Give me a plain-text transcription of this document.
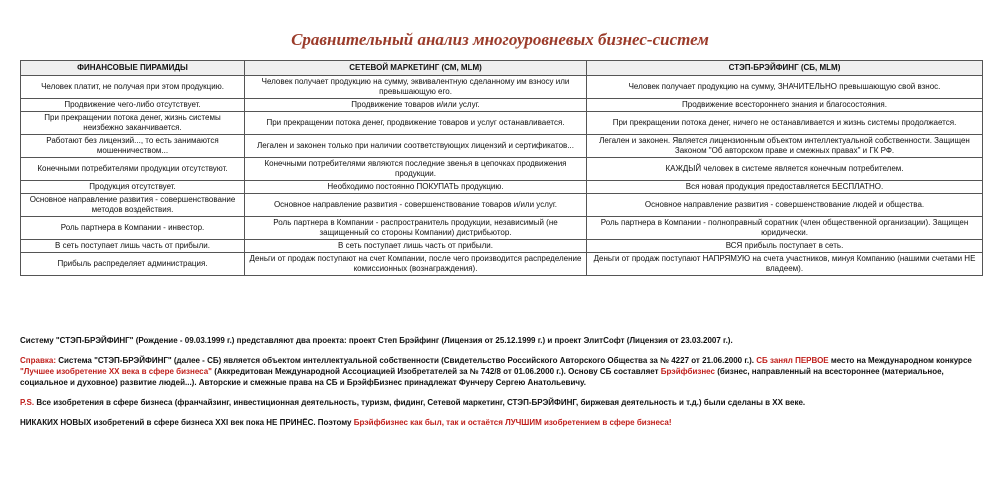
Сравнительный анализ многоуровневых бизнес-систем
ФИНАНСОВЫЕ ПИРАМИДЫ	СЕТЕВОЙ МАРКЕТИНГ (СМ, MLM)	СТЭП-БРЭЙФИНГ (СБ, MLM)
Человек платит, не получая при этом продукцию.	Человек получает продукцию на сумму, эквивалентную сделанному им взносу или превышающую его.	Человек получает продукцию на сумму, ЗНАЧИТЕЛЬНО превышающую свой взнос.
Продвижение чего-либо отсутствует.	Продвижение товаров и/или услуг.	Продвижение всестороннего знания и благосостояния.
При прекращении потока денег, жизнь системы неизбежно заканчивается.	При прекращении потока денег, продвижение товаров и услуг останавливается.	При прекращении потока денег, ничего не останавливается и жизнь системы продолжается.
Работают без лицензий..., то есть занимаются мошенничеством...	Легален и законен только при наличии соответствующих лицензий и сертификатов...	Легален и законен. Является лицензионным объектом интеллектуальной собственности. Защищен Законом "Об авторском праве и смежных правах" и ГК РФ.
Конечными потребителями продукции отсутствуют.	Конечными потребителями являются последние звенья в цепочках продвижения продукции.	КАЖДЫЙ человек в системе является конечным потребителем.
Продукция отсутствует.	Необходимо постоянно ПОКУПАТЬ продукцию.	Вся новая продукция предоставляется БЕСПЛАТНО.
Основное направление развития - совершенствование методов воздействия.	Основное направление развития - совершенствование товаров и/или услуг.	Основное направление развития - совершенствование людей и общества.
Роль партнера в Компании - инвестор.	Роль партнера в Компании - распространитель продукции, независимый (не защищенный со стороны Компании) дистрибьютор.	Роль партнера в Компании - полноправный соратник (член общественной организации). Защищен юридически.
В сеть поступает лишь часть от прибыли.	В сеть поступает лишь часть от прибыли.	ВСЯ прибыль поступает в сеть.
Прибыль распределяет администрация.	Деньги от продаж поступают на счет Компании, после чего производится распределение комиссионных (вознаграждения).	Деньги от продаж поступают НАПРЯМУЮ на счета участников, минуя Компанию (нашими счетами НЕ владеем).

Систему "СТЭП-БРЭЙФИНГ" (Рождение - 09.03.1999 г.) представляют два проекта: проект Степ Брэйфинг (Лицензия от 25.12.1999 г.) и проект ЭлитСофт (Лицензия от 23.03.2007 г.).

Справка: Система "СТЭП-БРЭЙФИНГ" (далее - СБ) является объектом интеллектуальной собственности (Свидетельство Российского Авторского Общества за № 4227 от 21.06.2000 г.). СБ занял ПЕРВОЕ место на Международном конкурсе "Лучшее изобретение XX века в сфере бизнеса" (Аккредитован Международной Ассоциацией Изобретателей за № 742/8 от 01.06.2000 г.). Основу СБ составляет Брэйфбизнес (бизнес, направленный на всестороннее (материальное, социальное и духовное) развитие людей...). Авторские и смежные права на СБ и БрэйфБизнес принадлежат Фунчеру Сергею Анатольевичу.

P.S. Все изобретения в сфере бизнеса (франчайзинг, инвестиционная деятельность, туризм, фидинг, Сетевой маркетинг, СТЭП-БРЭЙФИНГ, биржевая деятельность и т.д.) были сделаны в XX веке.

НИКАКИХ НОВЫХ изобретений в сфере бизнеса XXI век пока НЕ ПРИНЁС. Поэтому Брэйфбизнес как был, так и остаётся ЛУЧШИМ изобретением в сфере бизнеса!
